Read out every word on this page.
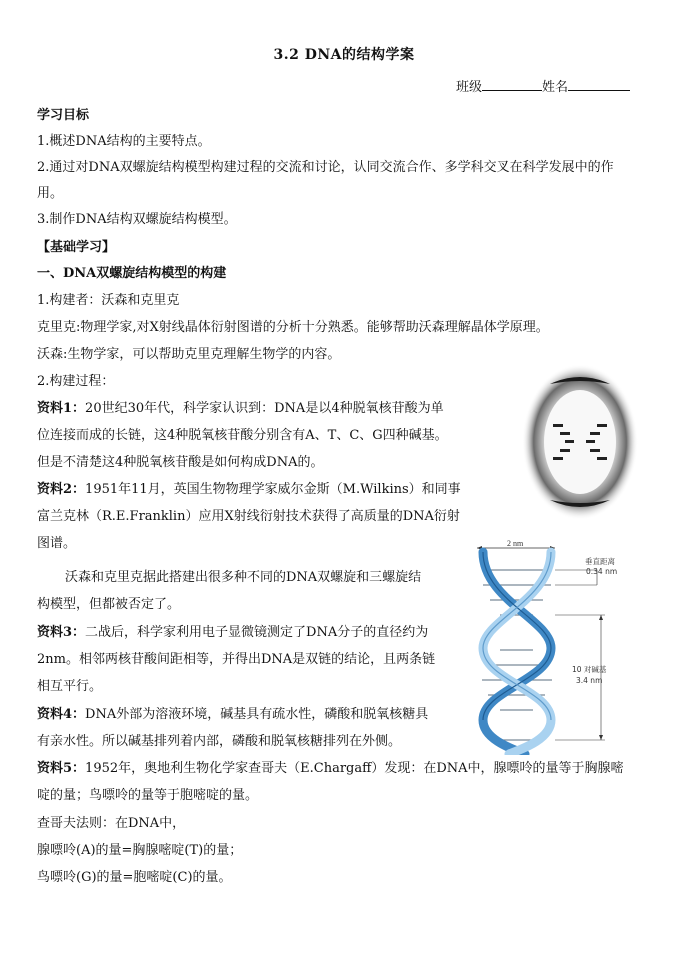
3.2 DNA的结构学案
班级	姓名
学习目标
1.概述DNA结构的主要特点。
2.通过对DNA双螺旋结构模型构建过程的交流和讨论，认同交流合作、多学科交叉在科学发展中的作
用。
3.制作DNA结构双螺旋结构模型。
【基础学习】
一、DNA双螺旋结构模型的构建
1.构建者：沃森和克里克
克里克:物理学家,对X射线晶体衍射图谱的分析十分熟悉。能够帮助沃森理解晶体学原理。
沃森:生物学家，可以帮助克里克理解生物学的内容。
2.构建过程：
资料1：20世纪30年代，科学家认识到：DNA是以4种脱氧核苷酸为单
位连接而成的长链，这4种脱氧核苷酸分别含有A、T、C、G四种碱基。
但是不清楚这4种脱氧核苷酸是如何构成DNA的。
资料2：1951年11月，英国生物物理学家威尔金斯（M.Wilkins）和同事
富兰克林（R.E.Franklin）应用X射线衍射技术获得了高质量的DNA衍射
图谱。
沃森和克里克据此搭建出很多种不同的DNA双螺旋和三螺旋结
构模型，但都被否定了。
资料3：二战后，科学家利用电子显微镜测定了DNA分子的直径约为
2nm。相邻两核苷酸间距相等，并得出DNA是双链的结论，且两条链
相互平行。
资料4：DNA外部为溶液环境，碱基具有疏水性，磷酸和脱氧核糖具
有亲水性。所以碱基排列着内部，磷酸和脱氧核糖排列在外侧。
资料5：1952年，奥地利生物化学家查哥夫（E.Chargaff）发现：在DNA中，腺嘌呤的量等于胸腺嘧
啶的量；鸟嘌呤的量等于胞嘧啶的量。
查哥夫法则：在DNA中，
腺嘌呤(A)的量=胸腺嘧啶(T)的量；
鸟嘌呤(G)的量=胞嘧啶(C)的量。
2 nm
垂直距离
0.34 nm
10 对碱基
3.4 nm
